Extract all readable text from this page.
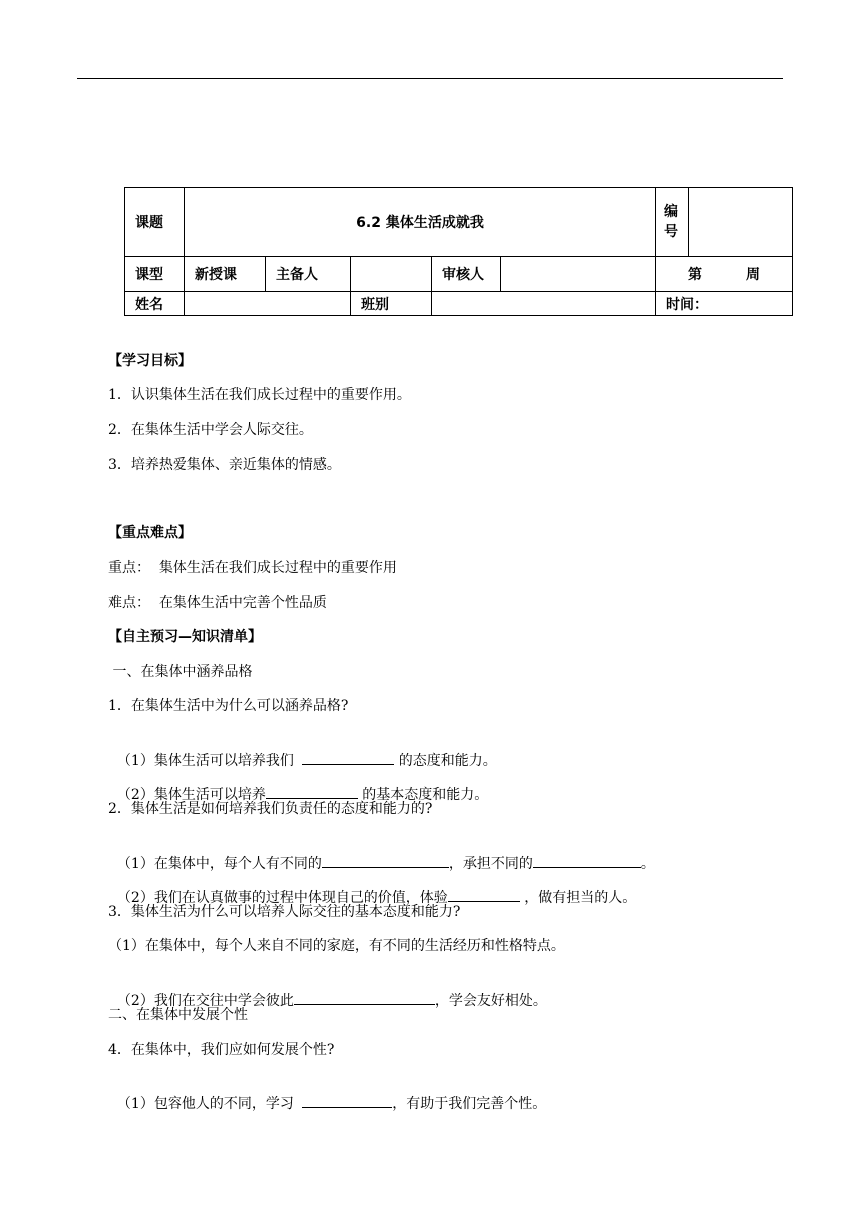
课题	6.2 集体生活成就我					编号	
课型	新授课	主备人		审核人		第 周	

姓名			班别			时间：	
【学习目标】
1．认识集体生活在我们成长过程中的重要作用。
2．在集体生活中学会人际交往。
3．培养热爱集体、亲近集体的情感。
【重点难点】
重点：  集体生活在我们成长过程中的重要作用
难点：  在集体生活中完善个性品质
【自主预习—知识清单】
一、在集体中涵养品格
1．在集体生活中为什么可以涵养品格?

（1）集体生活可以培养我们	的态度和能力。

（2）集体生活可以培养	的基本态度和能力。

2．集体生活是如何培养我们负责任的态度和能力的?

（1）在集体中，每个人有不同的	，承担不同的	。

（2）我们在认真做事的过程中体现自己的价值，体验	，做有担当的人。

3．集体生活为什么可以培养人际交往的基本态度和能力?
（1）在集体中，每个人来自不同的家庭，有不同的生活经历和性格特点。

（2）我们在交往中学会彼此	，学会友好相处。

二、在集体中发展个性
4．在集体中，我们应如何发展个性?

（1）包容他人的不同，学习	，有助于我们完善个性。
